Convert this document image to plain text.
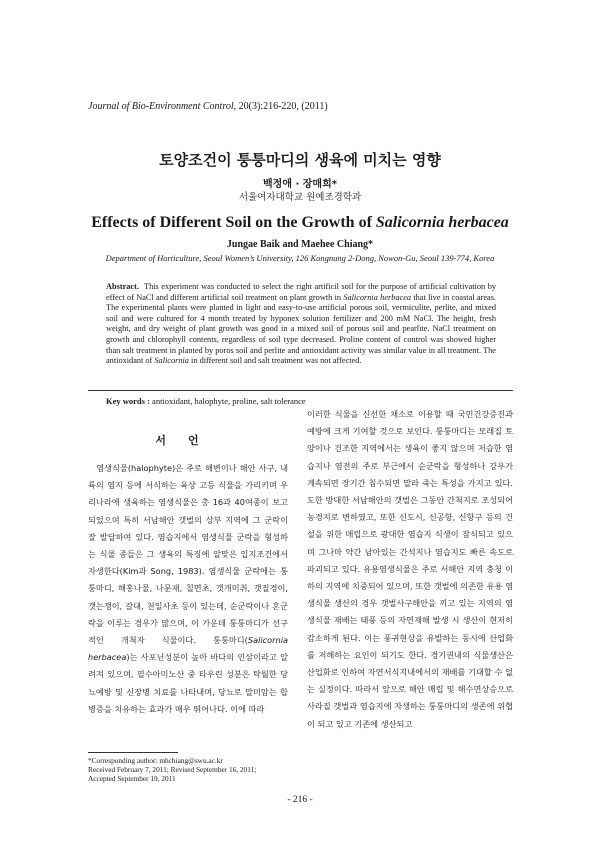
Journal of Bio-Environment Control, 20(3):216-220, (2011)
토양조건이 퉁퉁마디의 생육에 미치는 영향
백정애 · 장매희*
서울여자대학교 원예조경학과
Effects of Different Soil on the Growth of Salicornia herbacea
Jungae Baik and Maehee Chiang*
Department of Horticulture, Seoul Women’s University, 126 Kongnung 2-Dong, Nowon-Gu, Seoul 139-774, Korea
Abstract. This experiment was conducted to select the right artificil soil for the purpose of artificial cultivation by effect of NaCl and different artificial soil treatment on plant growth in Salicornia herbacea that live in coastal areas. The experimental plants were planted in light and easy-to-use artificial porous soil, vermiculite, perlite, and mixed soil and were cultured for 4 month treated by hyponex solution fertilizer and 200 mM NaCl. The height, fresh weight, and dry weight of plant growth was good in a mixed soil of porous soil and pearlite. NaCl treatment on growth and chlorophyll contents, regardless of soil type decreased. Proline content of control was showed higher than salt treatment in planted by poros soil and perlite and antioxidant activity was similar value in all treatment. The antioxidant of Salicornia in different soil and salt treatment was not affected.
Key words : antioxidant, halophyte, proline, salt tolerance
서언

염생식물(halophyte)은 주로 해변이나 해안 사구, 내륙의 염지 등에 서식하는 육상 고등 식물을 가리키며 우리나라에 생육하는 염생식물은 총 16과 40여종이 보고되었으며 특히 서남해안 갯벌의 상부 지역에 그 군락이 잘 발달하여 있다. 염습지에서 염생식물 군락을 형성하는 식물 종들은 그 생육의 특징에 알맞은 입지조건에서 자생한다(Kim과 Song, 1983). 염생식물 군락에는 퉁퉁마디, 해홍나물, 나문재, 칠면초, 갯개미취, 갯질경이, 갯는쟁이, 갈대, 천일사초 등이 있는데, 순군락이나 혼군락을 이루는 경우가 많으며, 이 가운데 퉁퉁마디가 선구적인 개척자 식물이다. 퉁퉁마디(Salicornia herbacea)는 사포닌성분이 높아 바다의 인삼이라고 알려져 있으며, 필수아미노산 중 타우린 성분은 탁월한 당뇨예방 및 신장병 치료를 나타내며, 당뇨로 말미암는 합병증을 치유하는 효과가 매우 뛰어나다. 이에 따라

이러한 식물을 신선한 채소로 이용할 때 국민건강증진과 예방에 크게 기여할 것으로 보인다. 퉁퉁마디는 모래질 토양이나 건조한 지역에서는 생육이 좋지 않으며 저습한 염습지나 염전의 주로 부근에서 순군락을 형성하나 강우가 계속되면 장기간 침수되면 말라 죽는 특성을 가지고 있다. 도한 방대한 서남해안의 갯벌은 그동안 간척지로 조성되어 농경지로 변하였고, 또한 신도시, 신공항, 신항구 등의 건설을 위한 매립으로 광대한 염습지 식생이 잠식되고 있으며 그나마 약간 남아있는 간석지나 염습지도 빠른 속도로 파괴되고 있다. 유용염생식물은 주로 서해안 지역 충청 이하의 지역에 치중되어 있으며, 또한 갯벌에 의존한 유용 염생식물 생산의 경우 갯벌사구해안을 끼고 있는 지역의 염생식물 재배는 태풍 등의 자연재해 발생 시 생산이 현저히 감소하게 된다. 이는 풍귀현상을 유발하는 동시에 산업화를 저해하는 요인이 되기도 한다. 경기권내의 식물생산은 산업화로 인하여 자연서식지내에서의 재배를 기대할 수 없는 실정이다. 따라서 앞으로 해안 매립 및 해수면상승으로 사라질 갯벌과 염습지에 자생하는 퉁퉁마디의 생존에 위협이 되고 있고 기존에 생산되고

*Corresponding author: mhchiang@swu.ac.kr
Received February 7, 2011; Revised September 16, 2011;
Accepted September 19, 2011
- 216 -
